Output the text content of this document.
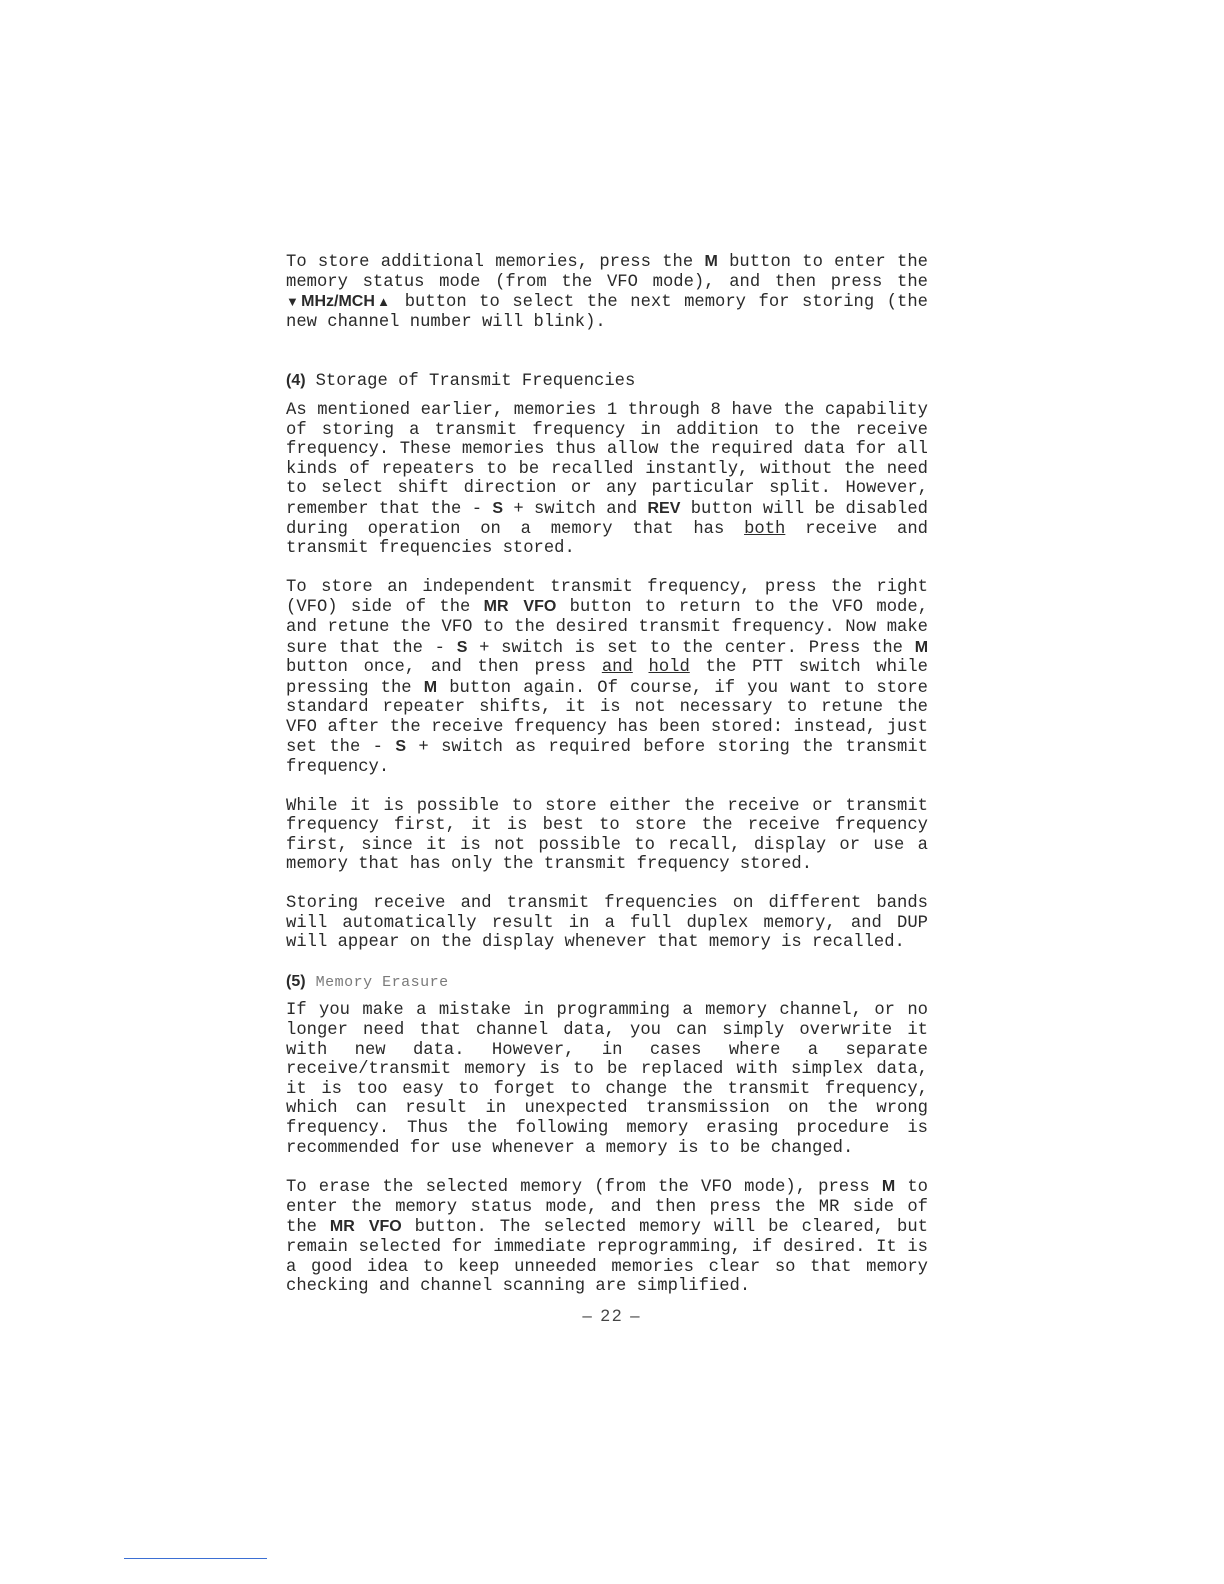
To store additional memories, press the M button to enter the memory status mode (from the VFO mode), and then press the ▼MHz/MCH▲ button to select the next memory for storing (the new channel number will blink).

(4) Storage of Transmit Frequencies

As mentioned earlier, memories 1 through 8 have the capability of storing a transmit frequency in addition to the receive frequency. These memories thus allow the required data for all kinds of repeaters to be recalled instantly, without the need to select shift direction or any particular split. However, remember that the - S + switch and REV button will be disabled during operation on a memory that has both receive and transmit frequencies stored.

To store an independent transmit frequency, press the right (VFO) side of the MR  VFO button to return to the VFO mode, and retune the VFO to the desired transmit frequency. Now make sure that the - S + switch is set to the center. Press the M button once, and then press and hold the PTT switch while pressing the M button again. Of course, if you want to store standard repeater shifts, it is not necessary to retune the VFO after the receive frequency has been stored: instead, just set the - S + switch as required before storing the transmit frequency.

While it is possible to store either the receive or transmit frequency first, it is best to store the receive frequency first, since it is not possible to recall, display or use a memory that has only the transmit frequency stored.

Storing receive and transmit frequencies on different bands will automatically result in a full duplex memory, and DUP will appear on the display whenever that memory is recalled.

(5) Memory Erasure

If you make a mistake in programming a memory channel, or no longer need that channel data, you can simply overwrite it with new data. However, in cases where a separate receive/transmit memory is to be replaced with simplex data, it is too easy to forget to change the transmit frequency, which can result in unexpected transmission on the wrong frequency. Thus the following memory erasing procedure is recommended for use whenever a memory is to be changed.

To erase the selected memory (from the VFO mode), press M to enter the memory status mode, and then press the MR side of the MR  VFO button. The selected memory will be cleared, but remain selected for immediate reprogramming, if desired. It is a good idea to keep unneeded memories clear so that memory checking and channel scanning are simplified.

– 22 –
